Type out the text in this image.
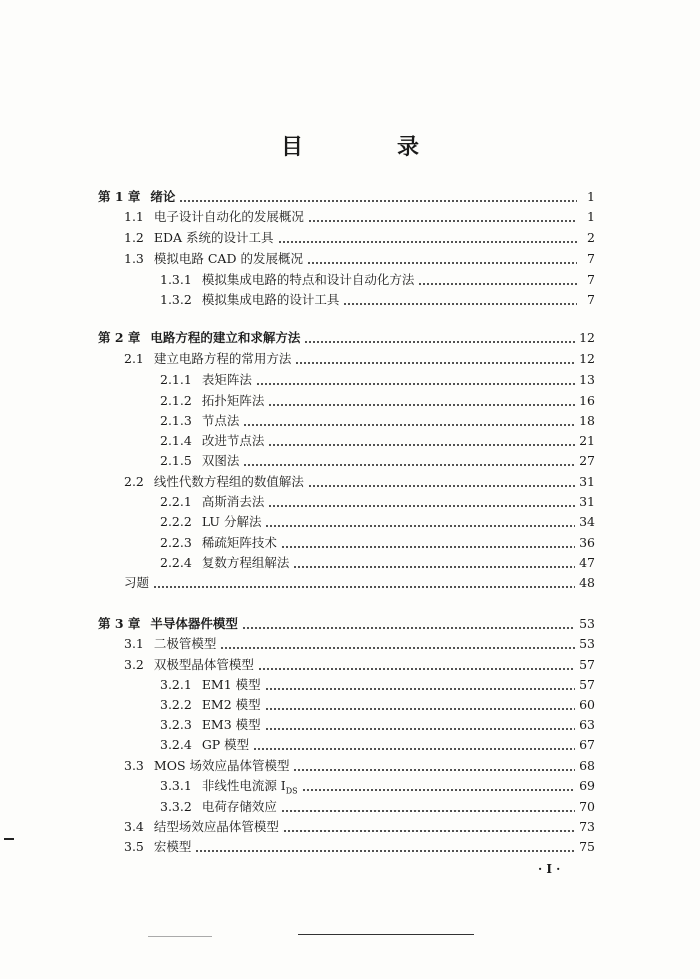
目　录
第 1 章 绪论	1
1.1 电子设计自动化的发展概况	1
1.2 EDA 系统的设计工具	2
1.3 模拟电路 CAD 的发展概况	7
1.3.1 模拟集成电路的特点和设计自动化方法	7
1.3.2 模拟集成电路的设计工具	7
第 2 章 电路方程的建立和求解方法	12
2.1 建立电路方程的常用方法	12
2.1.1 表矩阵法	13
2.1.2 拓扑矩阵法	16
2.1.3 节点法	18
2.1.4 改进节点法	21
2.1.5 双图法	27
2.2 线性代数方程组的数值解法	31
2.2.1 高斯消去法	31
2.2.2 LU 分解法	34
2.2.3 稀疏矩阵技术	36
2.2.4 复数方程组解法	47
习题	48
第 3 章 半导体器件模型	53
3.1 二极管模型	53
3.2 双极型晶体管模型	57
3.2.1 EM1 模型	57
3.2.2 EM2 模型	60
3.2.3 EM3 模型	63
3.2.4 GP 模型	67
3.3 MOS 场效应晶体管模型	68
3.3.1 非线性电流源 $I_{DS}$	69
3.3.2 电荷存储效应	70
3.4 结型场效应晶体管模型	73
3.5 宏模型	75
· Ⅰ ·
